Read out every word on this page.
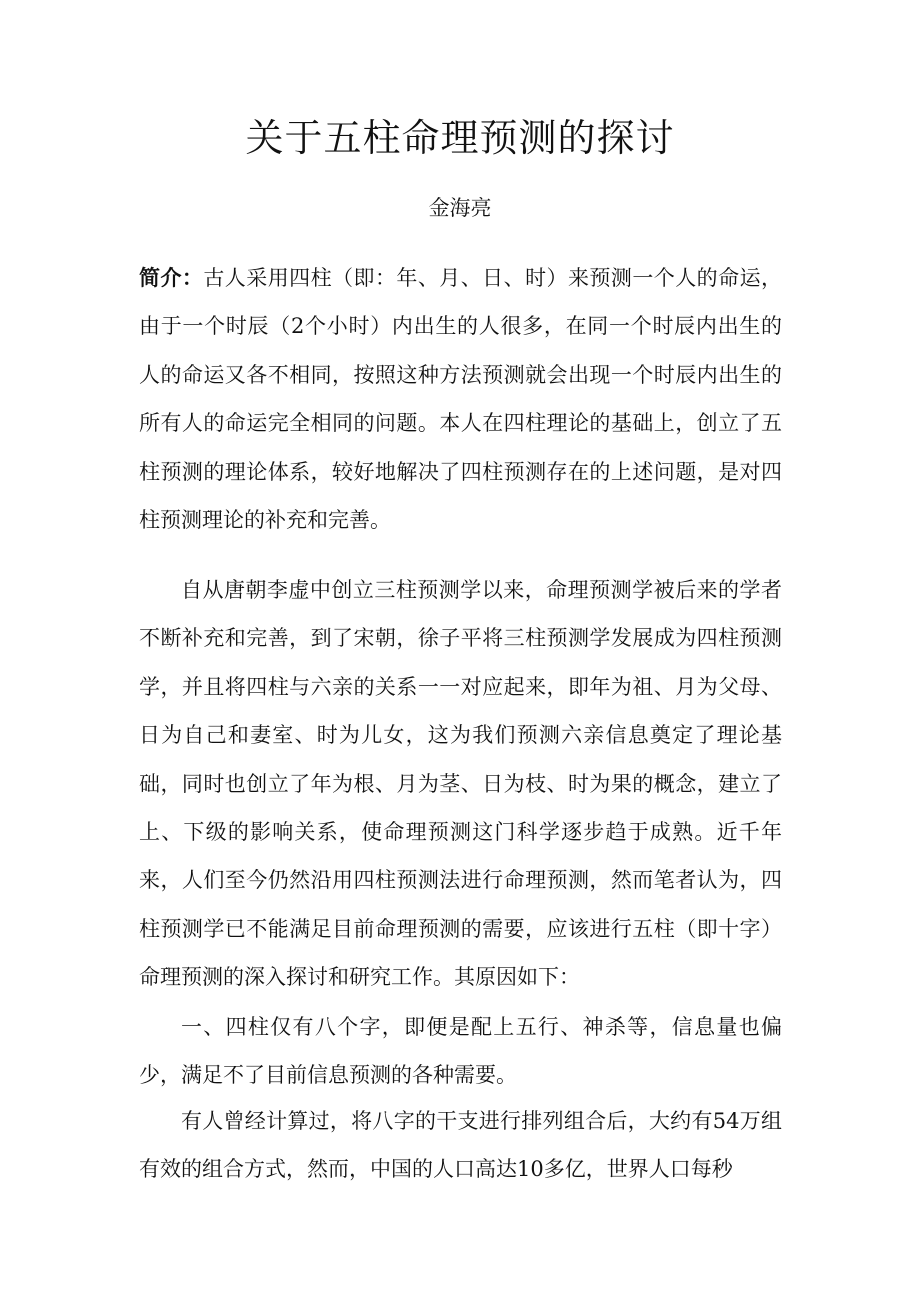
关于五柱命理预测的探讨

金海亮

简介：古人采用四柱（即：年、月、日、时）来预测一个人的命运，由于一个时辰（2个小时）内出生的人很多，在同一个时辰内出生的人的命运又各不相同，按照这种方法预测就会出现一个时辰内出生的所有人的命运完全相同的问题。本人在四柱理论的基础上，创立了五柱预测的理论体系，较好地解决了四柱预测存在的上述问题，是对四柱预测理论的补充和完善。

自从唐朝李虚中创立三柱预测学以来，命理预测学被后来的学者不断补充和完善，到了宋朝，徐子平将三柱预测学发展成为四柱预测学，并且将四柱与六亲的关系一一对应起来，即年为祖、月为父母、日为自己和妻室、时为儿女，这为我们预测六亲信息奠定了理论基础，同时也创立了年为根、月为茎、日为枝、时为果的概念，建立了上、下级的影响关系，使命理预测这门科学逐步趋于成熟。近千年来，人们至今仍然沿用四柱预测法进行命理预测，然而笔者认为，四柱预测学已不能满足目前命理预测的需要，应该进行五柱（即十字）命理预测的深入探讨和研究工作。其原因如下：

一、四柱仅有八个字，即便是配上五行、神杀等，信息量也偏少，满足不了目前信息预测的各种需要。

有人曾经计算过，将八字的干支进行排列组合后，大约有54万组有效的组合方式，然而，中国的人口高达10多亿，世界人口每秒
